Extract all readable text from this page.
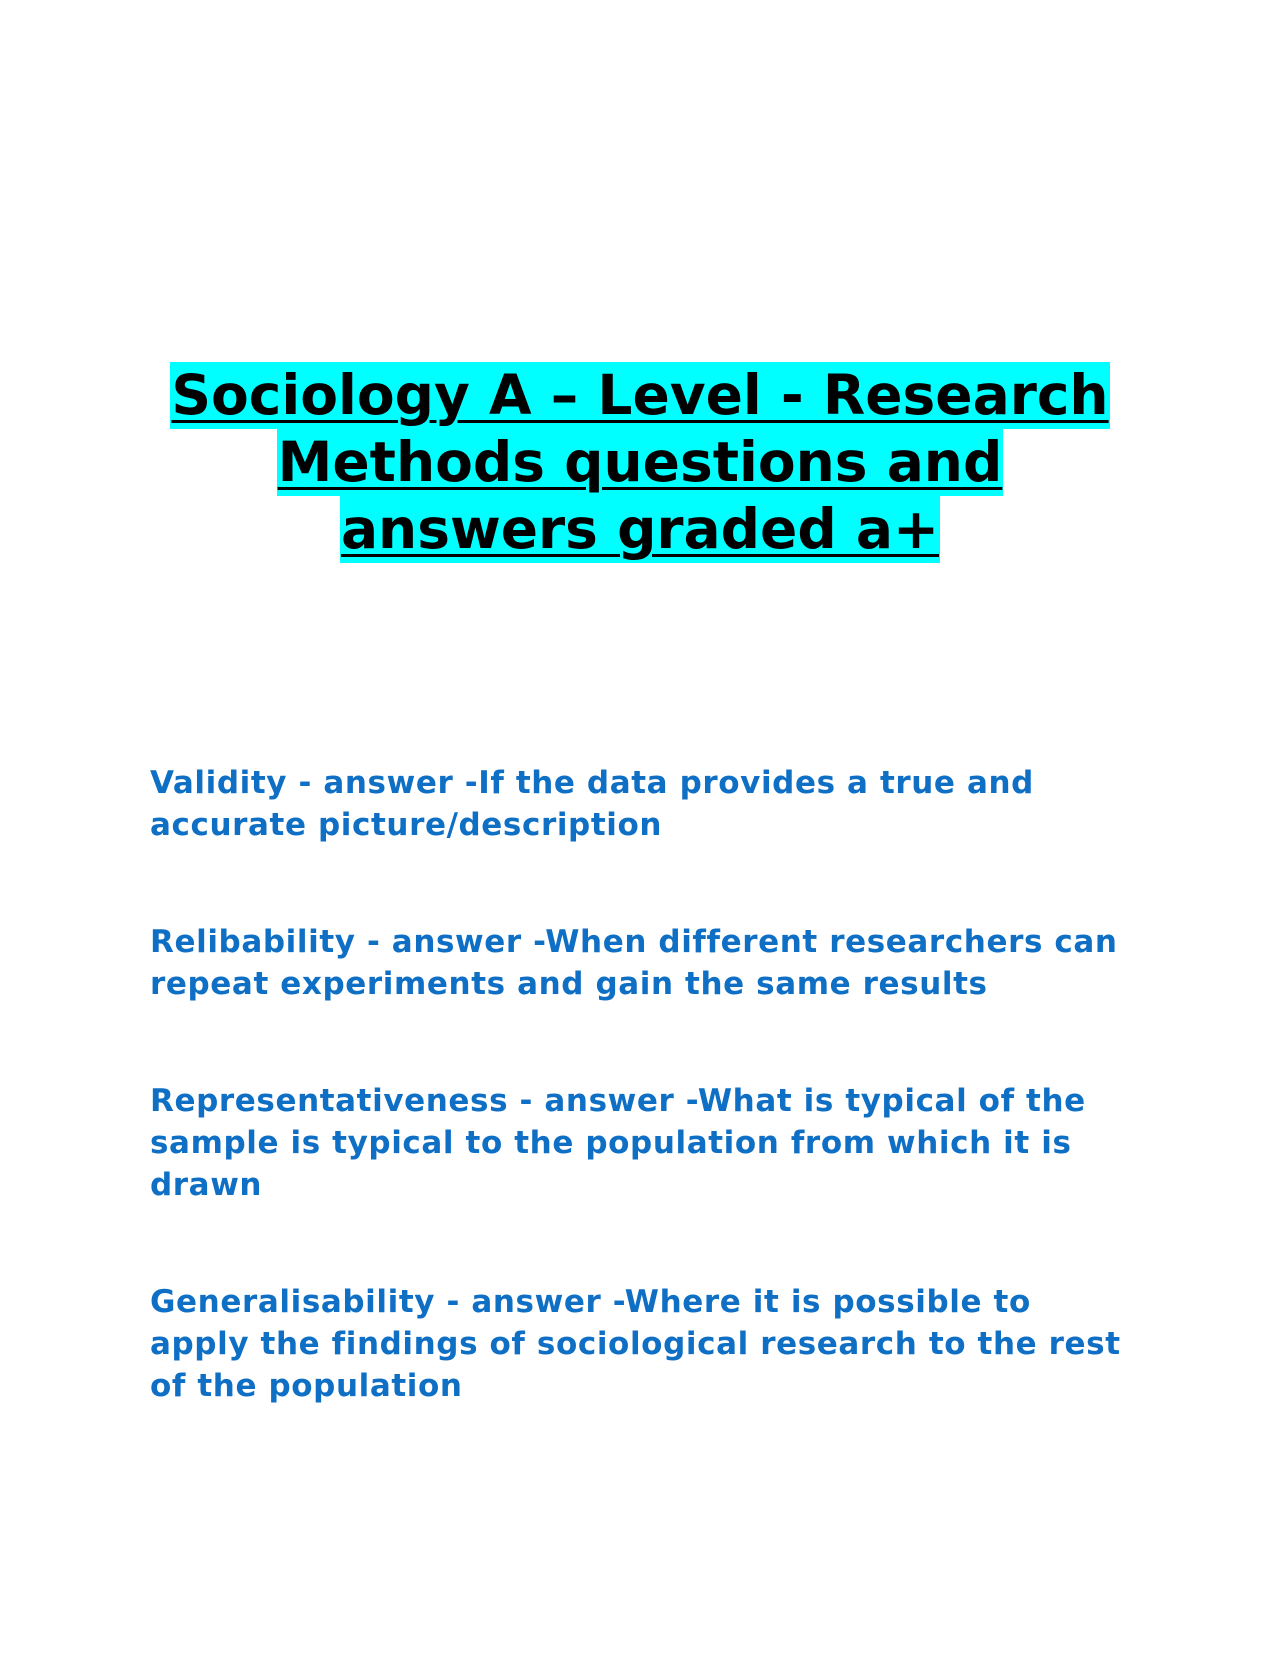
Sociology A – Level - Research
Methods questions and
answers graded a+

Validity - answer -If the data provides a true and accurate picture/description

Relibability - answer -When different researchers can repeat experiments and gain the same results

Representativeness - answer -What is typical of the sample is typical to the population from which it is drawn

Generalisability - answer -Where it is possible to apply the findings of sociological research to the rest of the population
